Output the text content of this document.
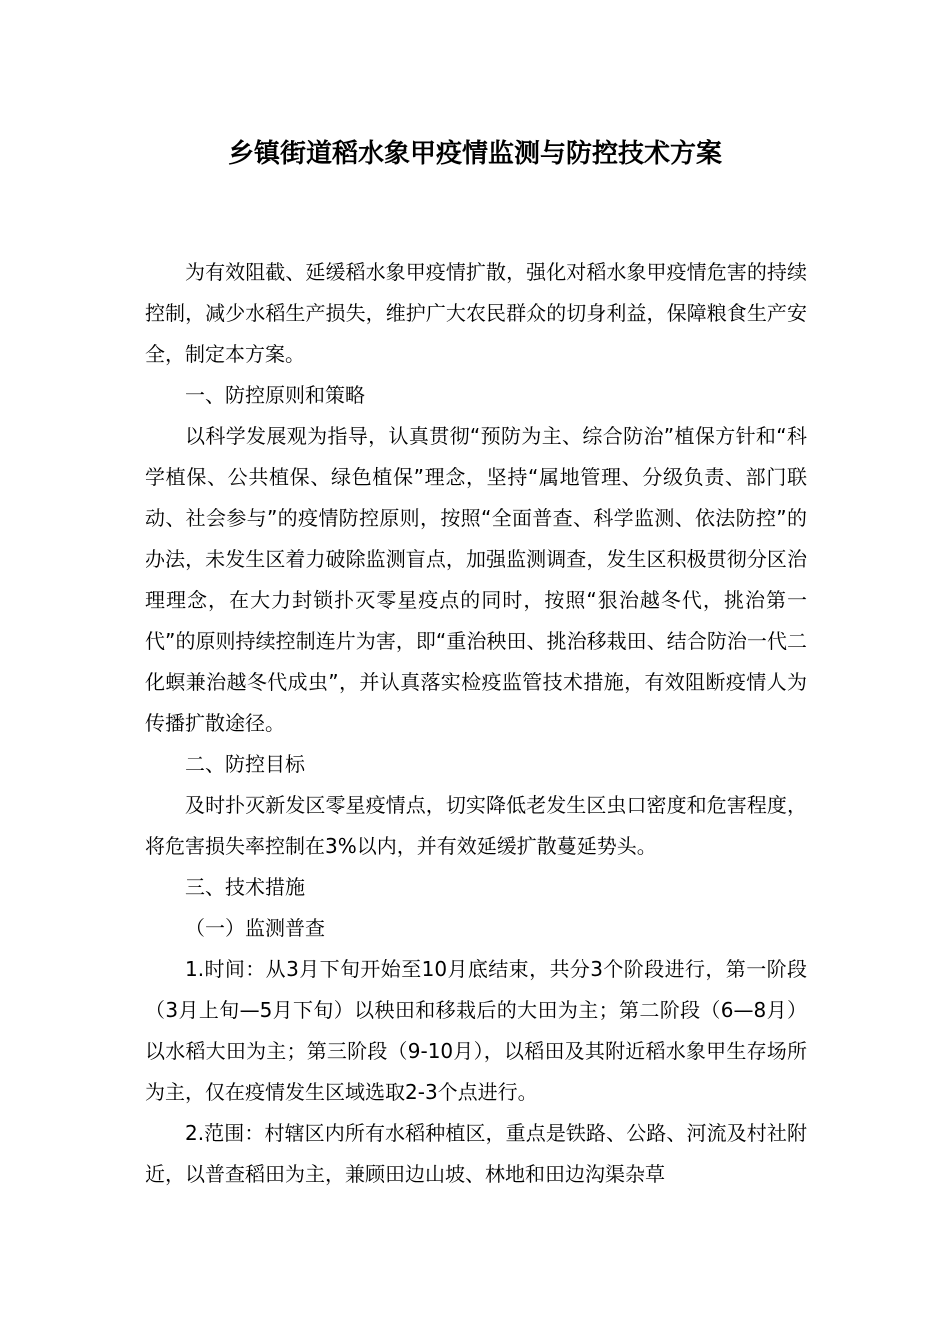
乡镇街道稻水象甲疫情监测与防控技术方案

为有效阻截、延缓稻水象甲疫情扩散，强化对稻水象甲疫情危害的持续控制，减少水稻生产损失，维护广大农民群众的切身利益，保障粮食生产安全，制定本方案。

一、防控原则和策略

以科学发展观为指导，认真贯彻“预防为主、综合防治”植保方针和“科学植保、公共植保、绿色植保”理念，坚持“属地管理、分级负责、部门联动、社会参与”的疫情防控原则，按照“全面普查、科学监测、依法防控”的办法，未发生区着力破除监测盲点，加强监测调查，发生区积极贯彻分区治理理念，在大力封锁扑灭零星疫点的同时，按照“狠治越冬代，挑治第一代”的原则持续控制连片为害，即“重治秧田、挑治移栽田、结合防治一代二化螟兼治越冬代成虫”，并认真落实检疫监管技术措施，有效阻断疫情人为传播扩散途径。

二、防控目标

及时扑灭新发区零星疫情点，切实降低老发生区虫口密度和危害程度，将危害损失率控制在3%以内，并有效延缓扩散蔓延势头。

三、技术措施

（一）监测普查

1.时间：从3月下旬开始至10月底结束，共分3个阶段进行，第一阶段（3月上旬—5月下旬）以秧田和移栽后的大田为主；第二阶段（6—8月）以水稻大田为主；第三阶段（9-10月），以稻田及其附近稻水象甲生存场所为主，仅在疫情发生区域选取2-3个点进行。

2.范围：村辖区内所有水稻种植区，重点是铁路、公路、河流及村社附近，以普查稻田为主，兼顾田边山坡、林地和田边沟渠杂草
